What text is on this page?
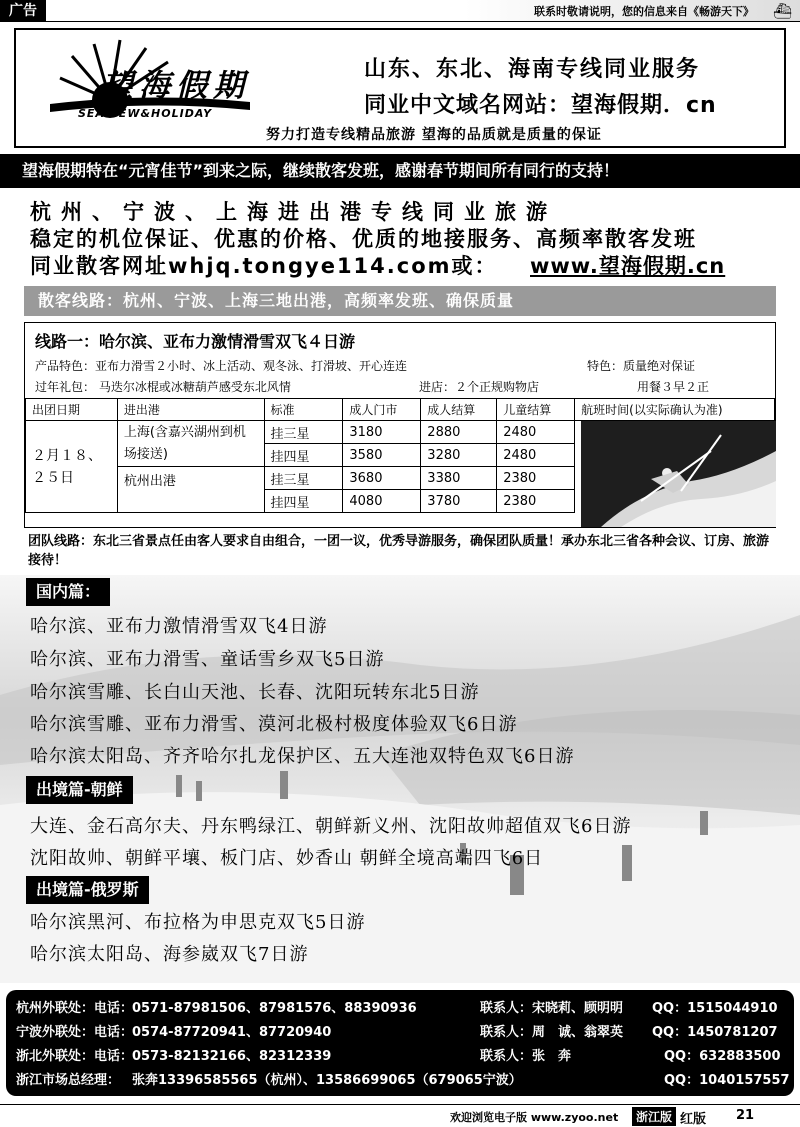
广告	联系时敬请说明，您的信息来自《畅游天下》 ⛴
望海假期
SEAVIEW&HOLIDAY
山东、东北、海南专线同业服务
同业中文域名网站：望海假期．cn
努力打造专线精品旅游 望海的品质就是质量的保证
望海假期特在“元宵佳节”到来之际，继续散客发班，感谢春节期间所有同行的支持！
杭州、宁波、上海进出港专线同业旅游
稳定的机位保证、优惠的价格、优质的地接服务、高频率散客发班
同业散客网址whjq.tongye114.com或： www.望海假期.cn
散客线路：杭州、宁波、上海三地出港，高频率发班、确保质量
线路一：哈尔滨、亚布力激情滑雪双飞４日游
产品特色：亚布力滑雪２小时、冰上活动、观冬泳、打滑坡、开心连连	特色：质量绝对保证
过年礼包： 马迭尔冰棍或冰糖葫芦感受东北风情	进店：２个正规购物店	用餐３早２正
出团日期	进出港	标准	成人门市	成人结算	儿童结算	航班时间(以实际确认为准)
２月１８、
２５日	上海(含嘉兴湖州到机场接送)	挂三星	3180	2880	2480	
		挂四星	3580	3280	2480	
	杭州出港	挂三星	3680	3380	2380	
		挂四星	4080	3780	2380	
团队线路：东北三省景点任由客人要求自由组合，一团一议，优秀导游服务，确保团队质量！承办东北三省各种会议、订房、旅游接待！
国内篇：
哈尔滨、亚布力激情滑雪双飞4日游
哈尔滨、亚布力滑雪、童话雪乡双飞5日游
哈尔滨雪雕、长白山天池、长春、沈阳玩转东北5日游
哈尔滨雪雕、亚布力滑雪、漠河北极村极度体验双飞6日游
哈尔滨太阳岛、齐齐哈尔扎龙保护区、五大连池双特色双飞6日游
出境篇-朝鲜
大连、金石高尔夫、丹东鸭绿江、朝鲜新义州、沈阳故帅超值双飞6日游
沈阳故帅、朝鲜平壤、板门店、妙香山 朝鲜全境高端四飞6日
出境篇-俄罗斯
哈尔滨黑河、布拉格为申思克双飞5日游
哈尔滨太阳岛、海参崴双飞7日游
杭州外联处：电话：
0571-87981506、87981576、88390936	联系人：宋晓莉、顾明明 QQ：1515044910
宁波外联处：电话：
0574-87720941、87720940	联系人：周　诚、翁翠英 QQ：1450781207
浙北外联处：电话：
0573-82132166、82312339	联系人：张　奔	QQ：632883500
浙江市场总经理： 张奔13396585565（杭州）、13586699065（679065宁波）	QQ：1040157557
欢迎浏览电子版 www.zyoo.net	浙江版 红版 21
